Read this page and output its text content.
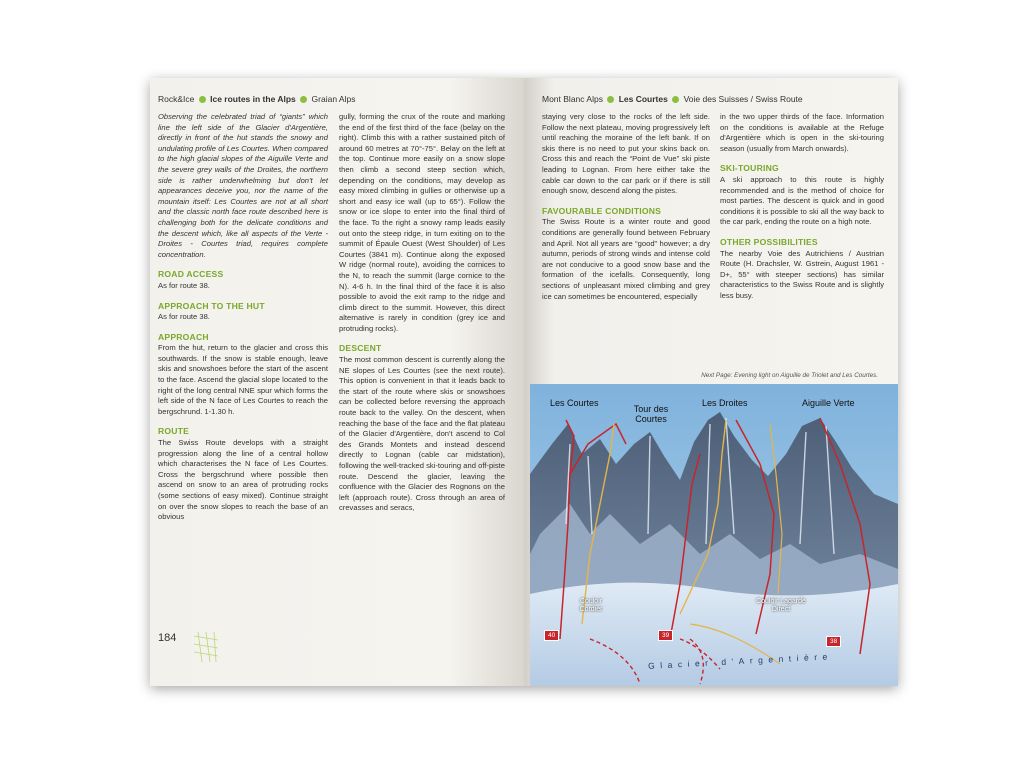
Rock&Ice Ice routes in the Alps Graian Alps

Observing the celebrated triad of “giants” which line the left side of the Glacier d'Argentière, directly in front of the hut stands the snowy and undulating profile of Les Courtes. When compared to the high glacial slopes of the Aiguille Verte and the severe grey walls of the Droites, the northern side is rather underwhelming but don't let appearances deceive you, nor the name of the mountain itself: Les Courtes are not at all short and the classic north face route described here is challenging both for the delicate conditions and the descent which, like all aspects of the Verte - Droites - Courtes triad, requires complete concentration.

ROAD ACCESS

As for route 38.

APPROACH TO THE HUT

As for route 38.

APPROACH

From the hut, return to the glacier and cross this southwards. If the snow is stable enough, leave skis and snowshoes before the start of the ascent to the face. Ascend the glacial slope located to the right of the long central NNE spur which forms the left side of the N face of Les Courtes to reach the bergschrund. 1-1.30 h.

ROUTE

The Swiss Route develops with a straight progression along the line of a central hollow which characterises the N face of Les Courtes. Cross the bergschrund where possible then ascend on snow to an area of protruding rocks (some sections of easy mixed). Continue straight on over the snow slopes to reach the base of an obvious

gully, forming the crux of the route and marking the end of the first third of the face (belay on the right). Climb this with a rather sustained pitch of around 60 metres at 70°-75°. Belay on the left at the top. Continue more easily on a snow slope then climb a second steep section which, depending on the conditions, may develop as easy mixed climbing in gullies or otherwise up a short and easy ice wall (up to 65°). Follow the snow or ice slope to enter into the final third of the face. To the right a snowy ramp leads easily out onto the steep ridge, in turn exiting on to the summit of Épaule Ouest (West Shoulder) of Les Courtes (3841 m). Continue along the exposed W ridge (normal route), avoiding the cornices to the N, to reach the summit (large cornice to the N). 4-6 h. In the final third of the face it is also possible to avoid the exit ramp to the ridge and climb direct to the summit. However, this direct alternative is rarely in condition (grey ice and protruding rocks).

DESCENT

The most common descent is currently along the NE slopes of Les Courtes (see the next route). This option is convenient in that it leads back to the start of the route where skis or snowshoes can be collected before reversing the approach route back to the valley. On the descent, when reaching the base of the face and the flat plateau of the Glacier d'Argentière, don't ascend to Col des Grands Montets and instead descend directly to Lognan (cable car midstation), following the well-tracked ski-touring and off-piste route. Descend the glacier, leaving the confluence with the Glacier des Rognons on the left (approach route). Cross through an area of crevasses and seracs,

184
Mont Blanc Alps Les Courtes Voie des Suisses / Swiss Route

staying very close to the rocks of the left side. Follow the next plateau, moving progressively left until reaching the moraine of the left bank. If on skis there is no need to put your skins back on. Cross this and reach the “Point de Vue” ski piste leading to Lognan. From here either take the cable car down to the car park or if there is still enough snow, descend along the pistes.

FAVOURABLE CONDITIONS

The Swiss Route is a winter route and good conditions are generally found between February and April. Not all years are “good” however; a dry autumn, periods of strong winds and intense cold are not conducive to a good snow base and the formation of the icefalls. Consequently, long sections of unpleasant mixed climbing and grey ice can sometimes be encountered, especially

in the two upper thirds of the face. Information on the conditions is available at the Refuge d'Argentière which is open in the ski-touring season (usually from March onwards).

SKI-TOURING

A ski approach to this route is highly recommended and is the method of choice for most parties. The descent is quick and in good conditions it is possible to ski all the way back to the car park, ending the route on a high note.

OTHER POSSIBILITIES

The nearby Voie des Autrichiens / Austrian Route (H. Drachsler, W. Gstrein, August 1961 - D+, 55° with steeper sections) has similar characteristics to the Swiss Route and is slightly less busy.

Next Page: Evening light on Aiguille de Triolet and Les Courtes.
Les Courtes
Tour des Courtes
Les Droites	Aiguille Verte
Couloir Cordier
Couloir Lagarde Direct
40	39
38
Glacier d'Argentière
